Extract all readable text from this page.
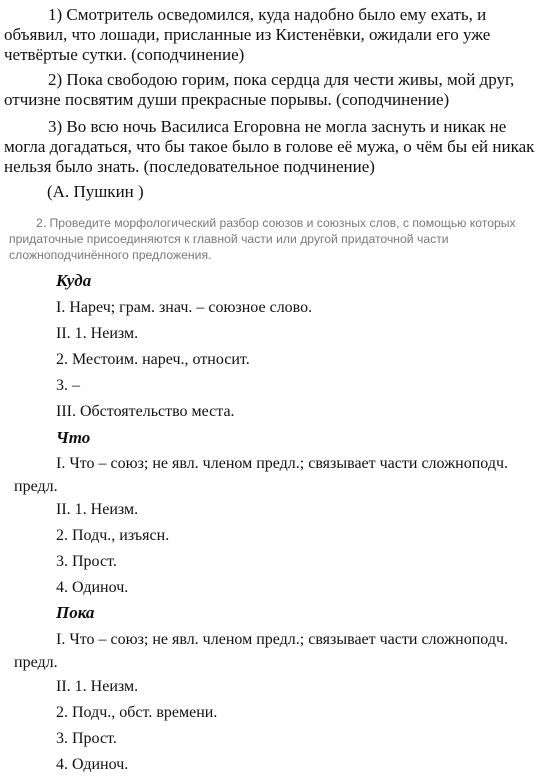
1) Смотритель осведомился, куда надобно было ему ехать, и объявил, что лошади, присланные из Кистенёвки, ожидали его уже четвёртые сутки. (соподчинение)

2) Пока свободою горим, пока сердца для чести живы, мой друг, отчизне посвятим души прекрасные порывы. (соподчинение)

3) Во всю ночь Василиса Егоровна не могла заснуть и никак не могла догадаться, что бы такое было в голове её мужа, о чём бы ей никак нельзя было знать. (последовательное подчинение)

(А. Пушкин )

2. Проведите морфологический разбор союзов и союзных слов, с помощью которых придаточные присоединяются к главной части или другой придаточной части сложноподчинённого предложения.

Куда

I. Нареч; грам. знач. – союзное слово.

II. 1. Неизм.

2. Местоим. нареч., относит.

3. –

III. Обстоятельство места.

Что

I. Что – союз; не явл. членом предл.; связывает части сложноподч. предл.

II. 1. Неизм.

2. Подч., изъясн.

3. Прост.

4. Одиноч.

Пока

I. Что – союз; не явл. членом предл.; связывает части сложноподч. предл.

II. 1. Неизм.

2. Подч., обст. времени.

3. Прост.

4. Одиноч.
